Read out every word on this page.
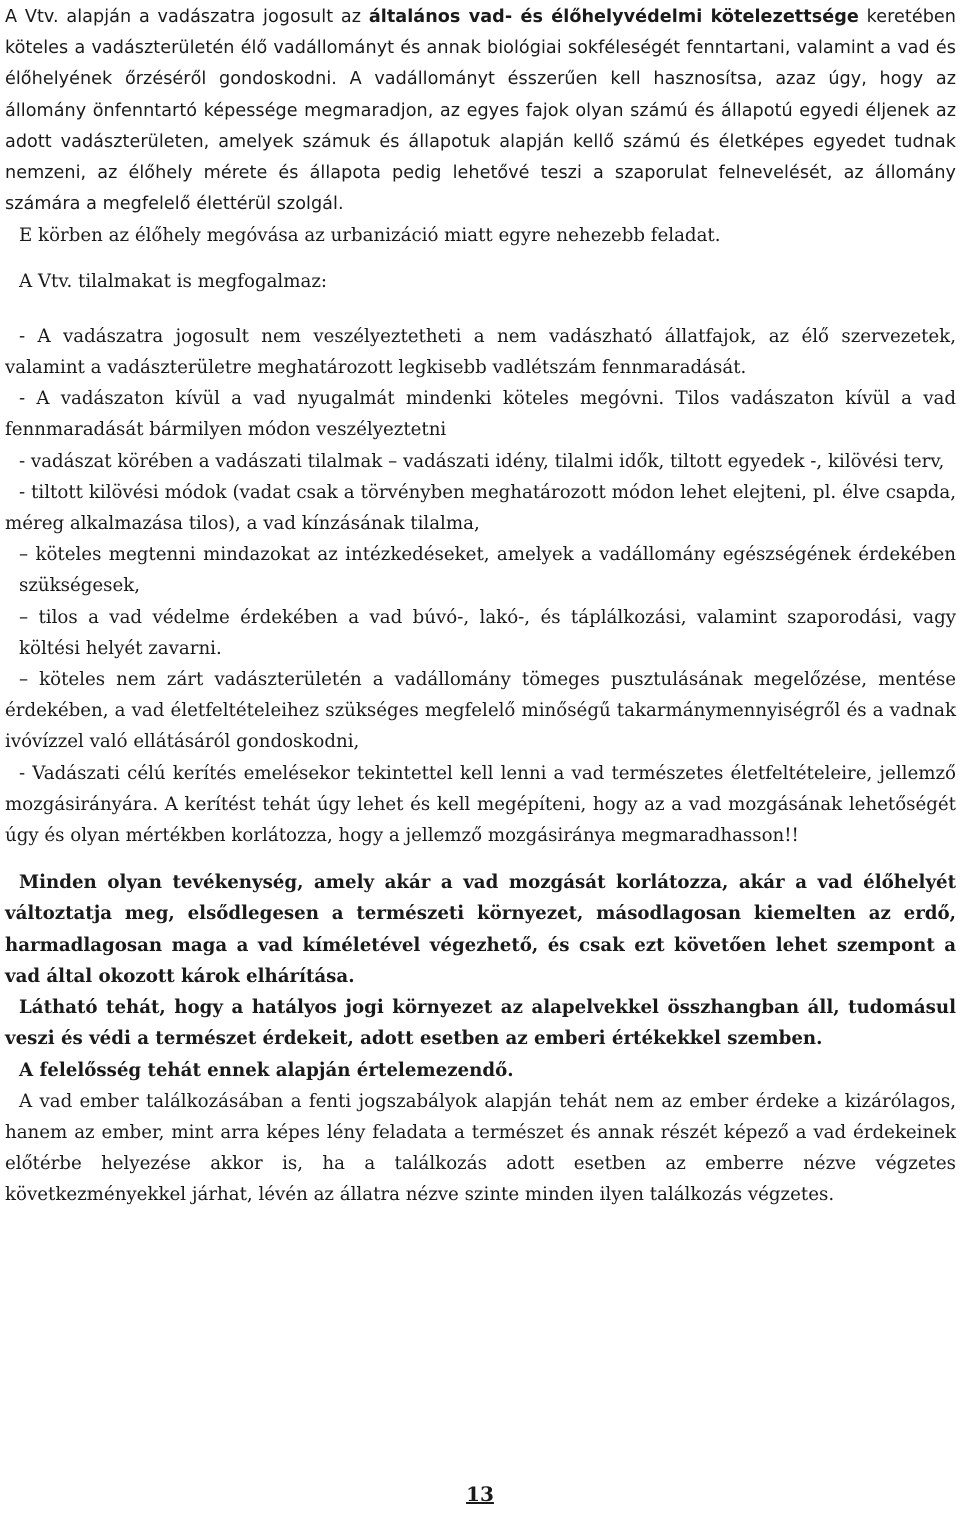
A Vtv. alapján a vadászatra jogosult az általános vad- és élőhelyvédelmi kötelezettsége keretében köteles a vadászterületén élő vadállományt és annak biológiai sokféleségét fenntartani, valamint a vad és élőhelyének őrzéséről gondoskodni. A vadállományt ésszerűen kell hasznosítsa, azaz úgy, hogy az állomány önfenntartó képessége megmaradjon, az egyes fajok olyan számú és állapotú egyedi éljenek az adott vadászterületen, amelyek számuk és állapotuk alapján kellő számú és életképes egyedet tudnak nemzeni, az élőhely mérete és állapota pedig lehetővé teszi a szaporulat felnevelését, az állomány számára a megfelelő élettérül szolgál.

E körben az élőhely megóvása az urbanizáció miatt egyre nehezebb feladat.

A Vtv. tilalmakat is megfogalmaz:

- A vadászatra jogosult nem veszélyeztetheti a nem vadászható állatfajok, az élő szervezetek, valamint a vadászterületre meghatározott legkisebb vadlétszám fennmaradását.

- A vadászaton kívül a vad nyugalmát mindenki köteles megóvni. Tilos vadászaton kívül a vad fennmaradását bármilyen módon veszélyeztetni

- vadászat körében a vadászati tilalmak – vadászati idény, tilalmi idők, tiltott egyedek -, kilövési terv,

- tiltott kilövési módok (vadat csak a törvényben meghatározott módon lehet elejteni, pl. élve csapda, méreg alkalmazása tilos), a vad kínzásának tilalma,

– köteles megtenni mindazokat az intézkedéseket, amelyek a vadállomány egészségének érdekében szükségesek,

– tilos a vad védelme érdekében a vad búvó-, lakó-, és táplálkozási, valamint szaporodási, vagy költési helyét zavarni.

– köteles nem zárt vadászterületén a vadállomány tömeges pusztulásának megelőzése, mentése érdekében, a vad életfeltételeihez szükséges megfelelő minőségű takarmánymennyiségről és a vadnak ivóvízzel való ellátásáról gondoskodni,

- Vadászati célú kerítés emelésekor tekintettel kell lenni a vad természetes életfeltételeire, jellemző mozgásirányára. A kerítést tehát úgy lehet és kell megépíteni, hogy az a vad mozgásának lehetőségét úgy és olyan mértékben korlátozza, hogy a jellemző mozgásiránya megmaradhasson!!

Minden olyan tevékenység, amely akár a vad mozgását korlátozza, akár a vad élőhelyét változtatja meg, elsődlegesen a természeti környezet, másodlagosan kiemelten az erdő, harmadlagosan maga a vad kíméletével végezhető, és csak ezt követően lehet szempont a vad által okozott károk elhárítása.

Látható tehát, hogy a hatályos jogi környezet az alapelvekkel összhangban áll, tudomásul veszi és védi a természet érdekeit, adott esetben az emberi értékekkel szemben.

A felelősség tehát ennek alapján értelemezendő.

A vad ember találkozásában a fenti jogszabályok alapján tehát nem az ember érdeke a kizárólagos, hanem az ember, mint arra képes lény feladata a természet és annak részét képező a vad érdekeinek előtérbe helyezése akkor is, ha a találkozás adott esetben az emberre nézve végzetes következményekkel járhat, lévén az állatra nézve szinte minden ilyen találkozás végzetes.

13
